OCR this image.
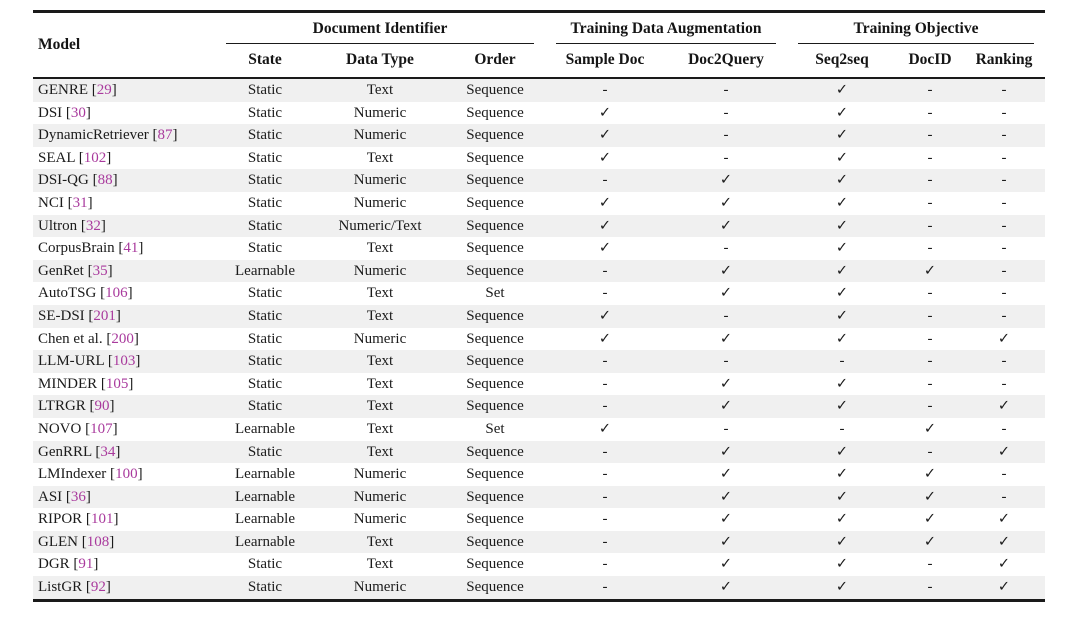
Model	Document Identifier			Training Data Augmentation		Training Objective		

	State	Data Type	Order	Sample Doc	Doc2Query	Seq2seq	DocID	Ranking
GENRE [29]	Static	Text	Sequence	-	-	✓	-	-
DSI [30]	Static	Numeric	Sequence	✓	-	✓	-	-
DynamicRetriever [87]	Static	Numeric	Sequence	✓	-	✓	-	-
SEAL [102]	Static	Text	Sequence	✓	-	✓	-	-
DSI-QG [88]	Static	Numeric	Sequence	-	✓	✓	-	-
NCI [31]	Static	Numeric	Sequence	✓	✓	✓	-	-
Ultron [32]	Static	Numeric/Text	Sequence	✓	✓	✓	-	-
CorpusBrain [41]	Static	Text	Sequence	✓	-	✓	-	-
GenRet [35]	Learnable	Numeric	Sequence	-	✓	✓	✓	-
AutoTSG [106]	Static	Text	Set	-	✓	✓	-	-
SE-DSI [201]	Static	Text	Sequence	✓	-	✓	-	-
Chen et al. [200]	Static	Numeric	Sequence	✓	✓	✓	-	✓
LLM-URL [103]	Static	Text	Sequence	-	-	-	-	-
MINDER [105]	Static	Text	Sequence	-	✓	✓	-	-
LTRGR [90]	Static	Text	Sequence	-	✓	✓	-	✓
NOVO [107]	Learnable	Text	Set	✓	-	-	✓	-
GenRRL [34]	Static	Text	Sequence	-	✓	✓	-	✓
LMIndexer [100]	Learnable	Numeric	Sequence	-	✓	✓	✓	-
ASI [36]	Learnable	Numeric	Sequence	-	✓	✓	✓	-
RIPOR [101]	Learnable	Numeric	Sequence	-	✓	✓	✓	✓
GLEN [108]	Learnable	Text	Sequence	-	✓	✓	✓	✓
DGR [91]	Static	Text	Sequence	-	✓	✓	-	✓
ListGR [92]	Static	Numeric	Sequence	-	✓	✓	-	✓
